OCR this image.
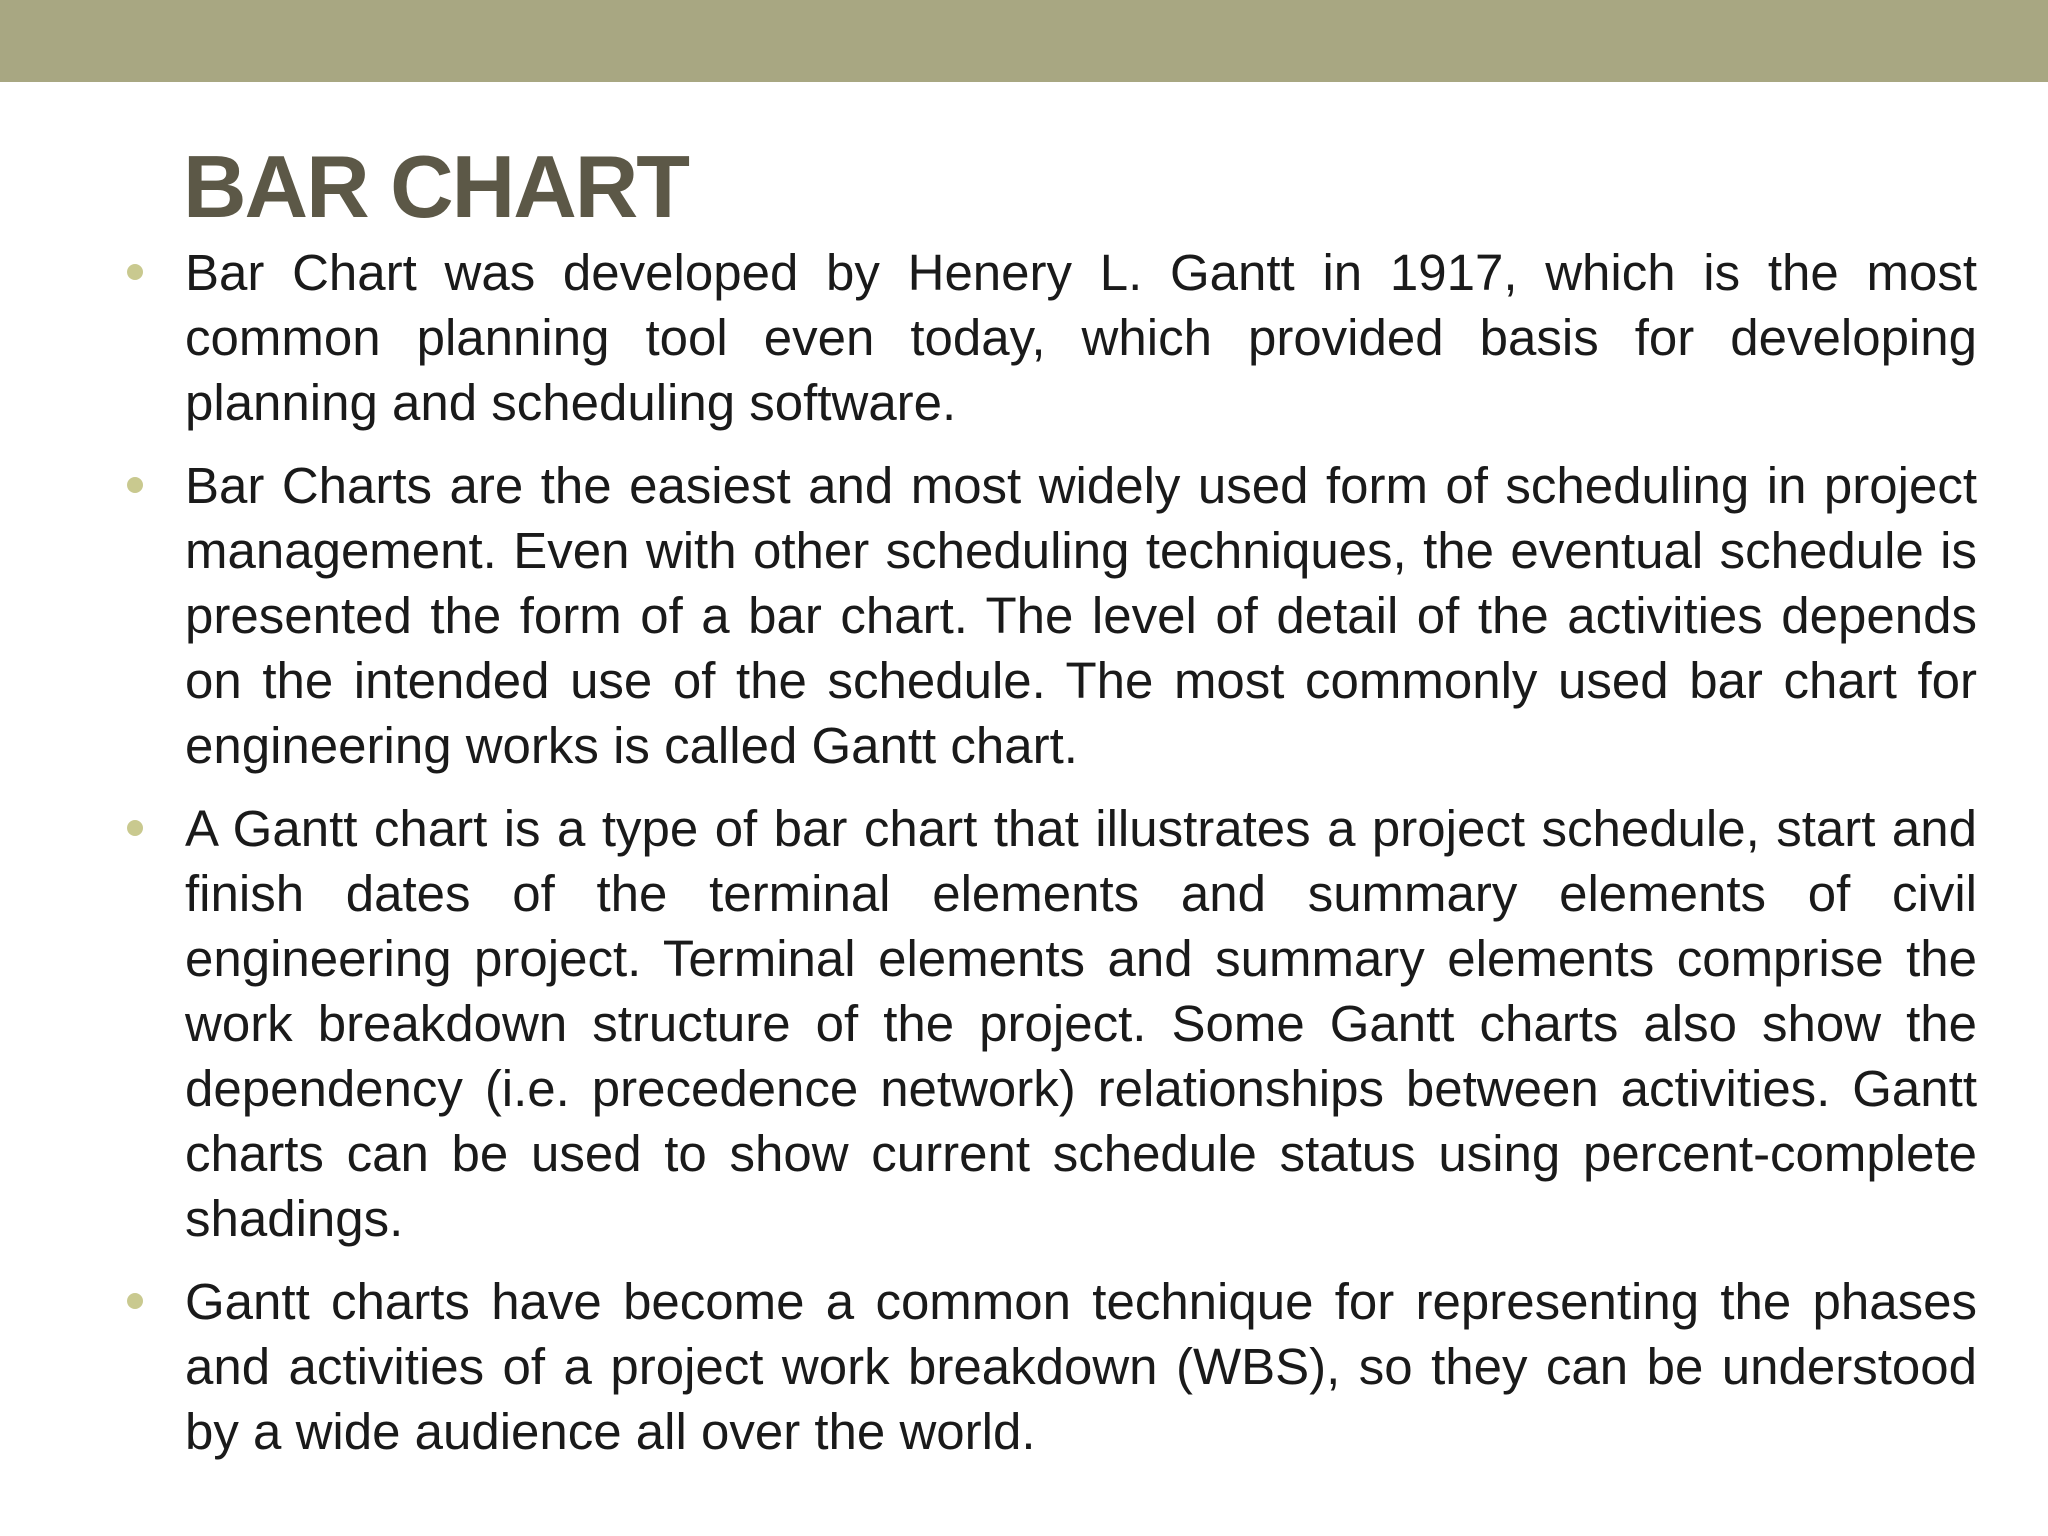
BAR CHART
Bar Chart was developed by Henery L. Gantt in 1917, which is the most common planning tool even today, which provided basis for developing planning and scheduling software.
Bar Charts are the easiest and most widely used form of scheduling in project management. Even with other scheduling techniques, the eventual schedule is presented the form of a bar chart. The level of detail of the activities depends on the intended use of the schedule. The most commonly used bar chart for engineering works is called Gantt chart.
A Gantt chart is a type of bar chart that illustrates a project schedule, start and finish dates of the terminal elements and summary elements of civil engineering project. Terminal elements and summary elements comprise the work breakdown structure of the project. Some Gantt charts also show the dependency (i.e. precedence network) relationships between activities. Gantt charts can be used to show current schedule status using percent-complete shadings.
Gantt charts have become a common technique for representing the phases and activities of a project work breakdown (WBS), so they can be understood by a wide audience all over the world.
